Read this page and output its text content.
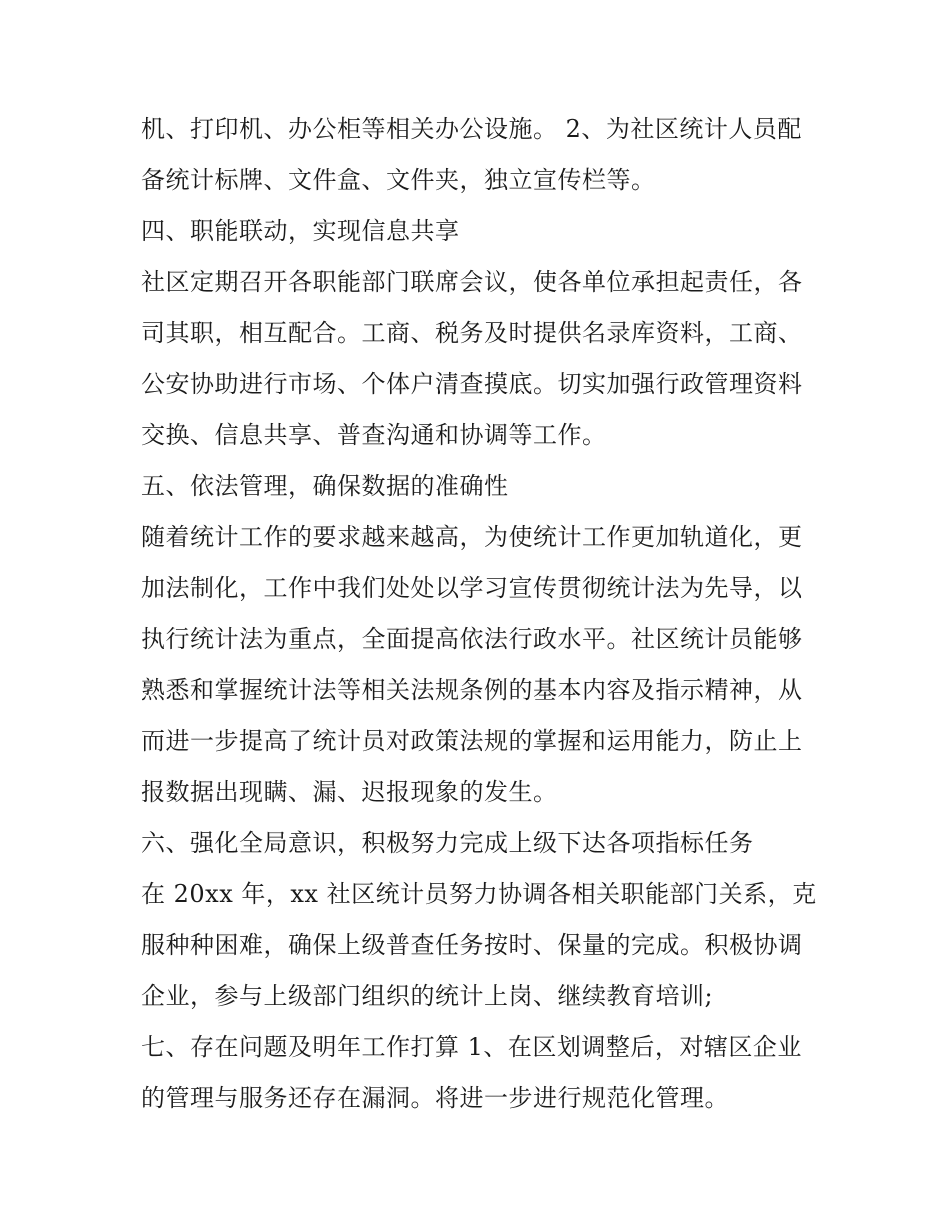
机、打印机、办公柜等相关办公设施。 2、为社区统计人员配
备统计标牌、文件盒、文件夹，独立宣传栏等。
四、职能联动，实现信息共享
社区定期召开各职能部门联席会议，使各单位承担起责任，各
司其职，相互配合。工商、税务及时提供名录库资料，工商、
公安协助进行市场、个体户清查摸底。切实加强行政管理资料
交换、信息共享、普查沟通和协调等工作。
五、依法管理，确保数据的准确性
随着统计工作的要求越来越高，为使统计工作更加轨道化，更
加法制化，工作中我们处处以学习宣传贯彻统计法为先导，以
执行统计法为重点，全面提高依法行政水平。社区统计员能够
熟悉和掌握统计法等相关法规条例的基本内容及指示精神，从
而进一步提高了统计员对政策法规的掌握和运用能力，防止上
报数据出现瞒、漏、迟报现象的发生。
六、强化全局意识，积极努力完成上级下达各项指标任务
在 20xx 年，xx 社区统计员努力协调各相关职能部门关系，克
服种种困难，确保上级普查任务按时、保量的完成。积极协调
企业，参与上级部门组织的统计上岗、继续教育培训;
七、存在问题及明年工作打算 1、在区划调整后，对辖区企业
的管理与服务还存在漏洞。将进一步进行规范化管理。
